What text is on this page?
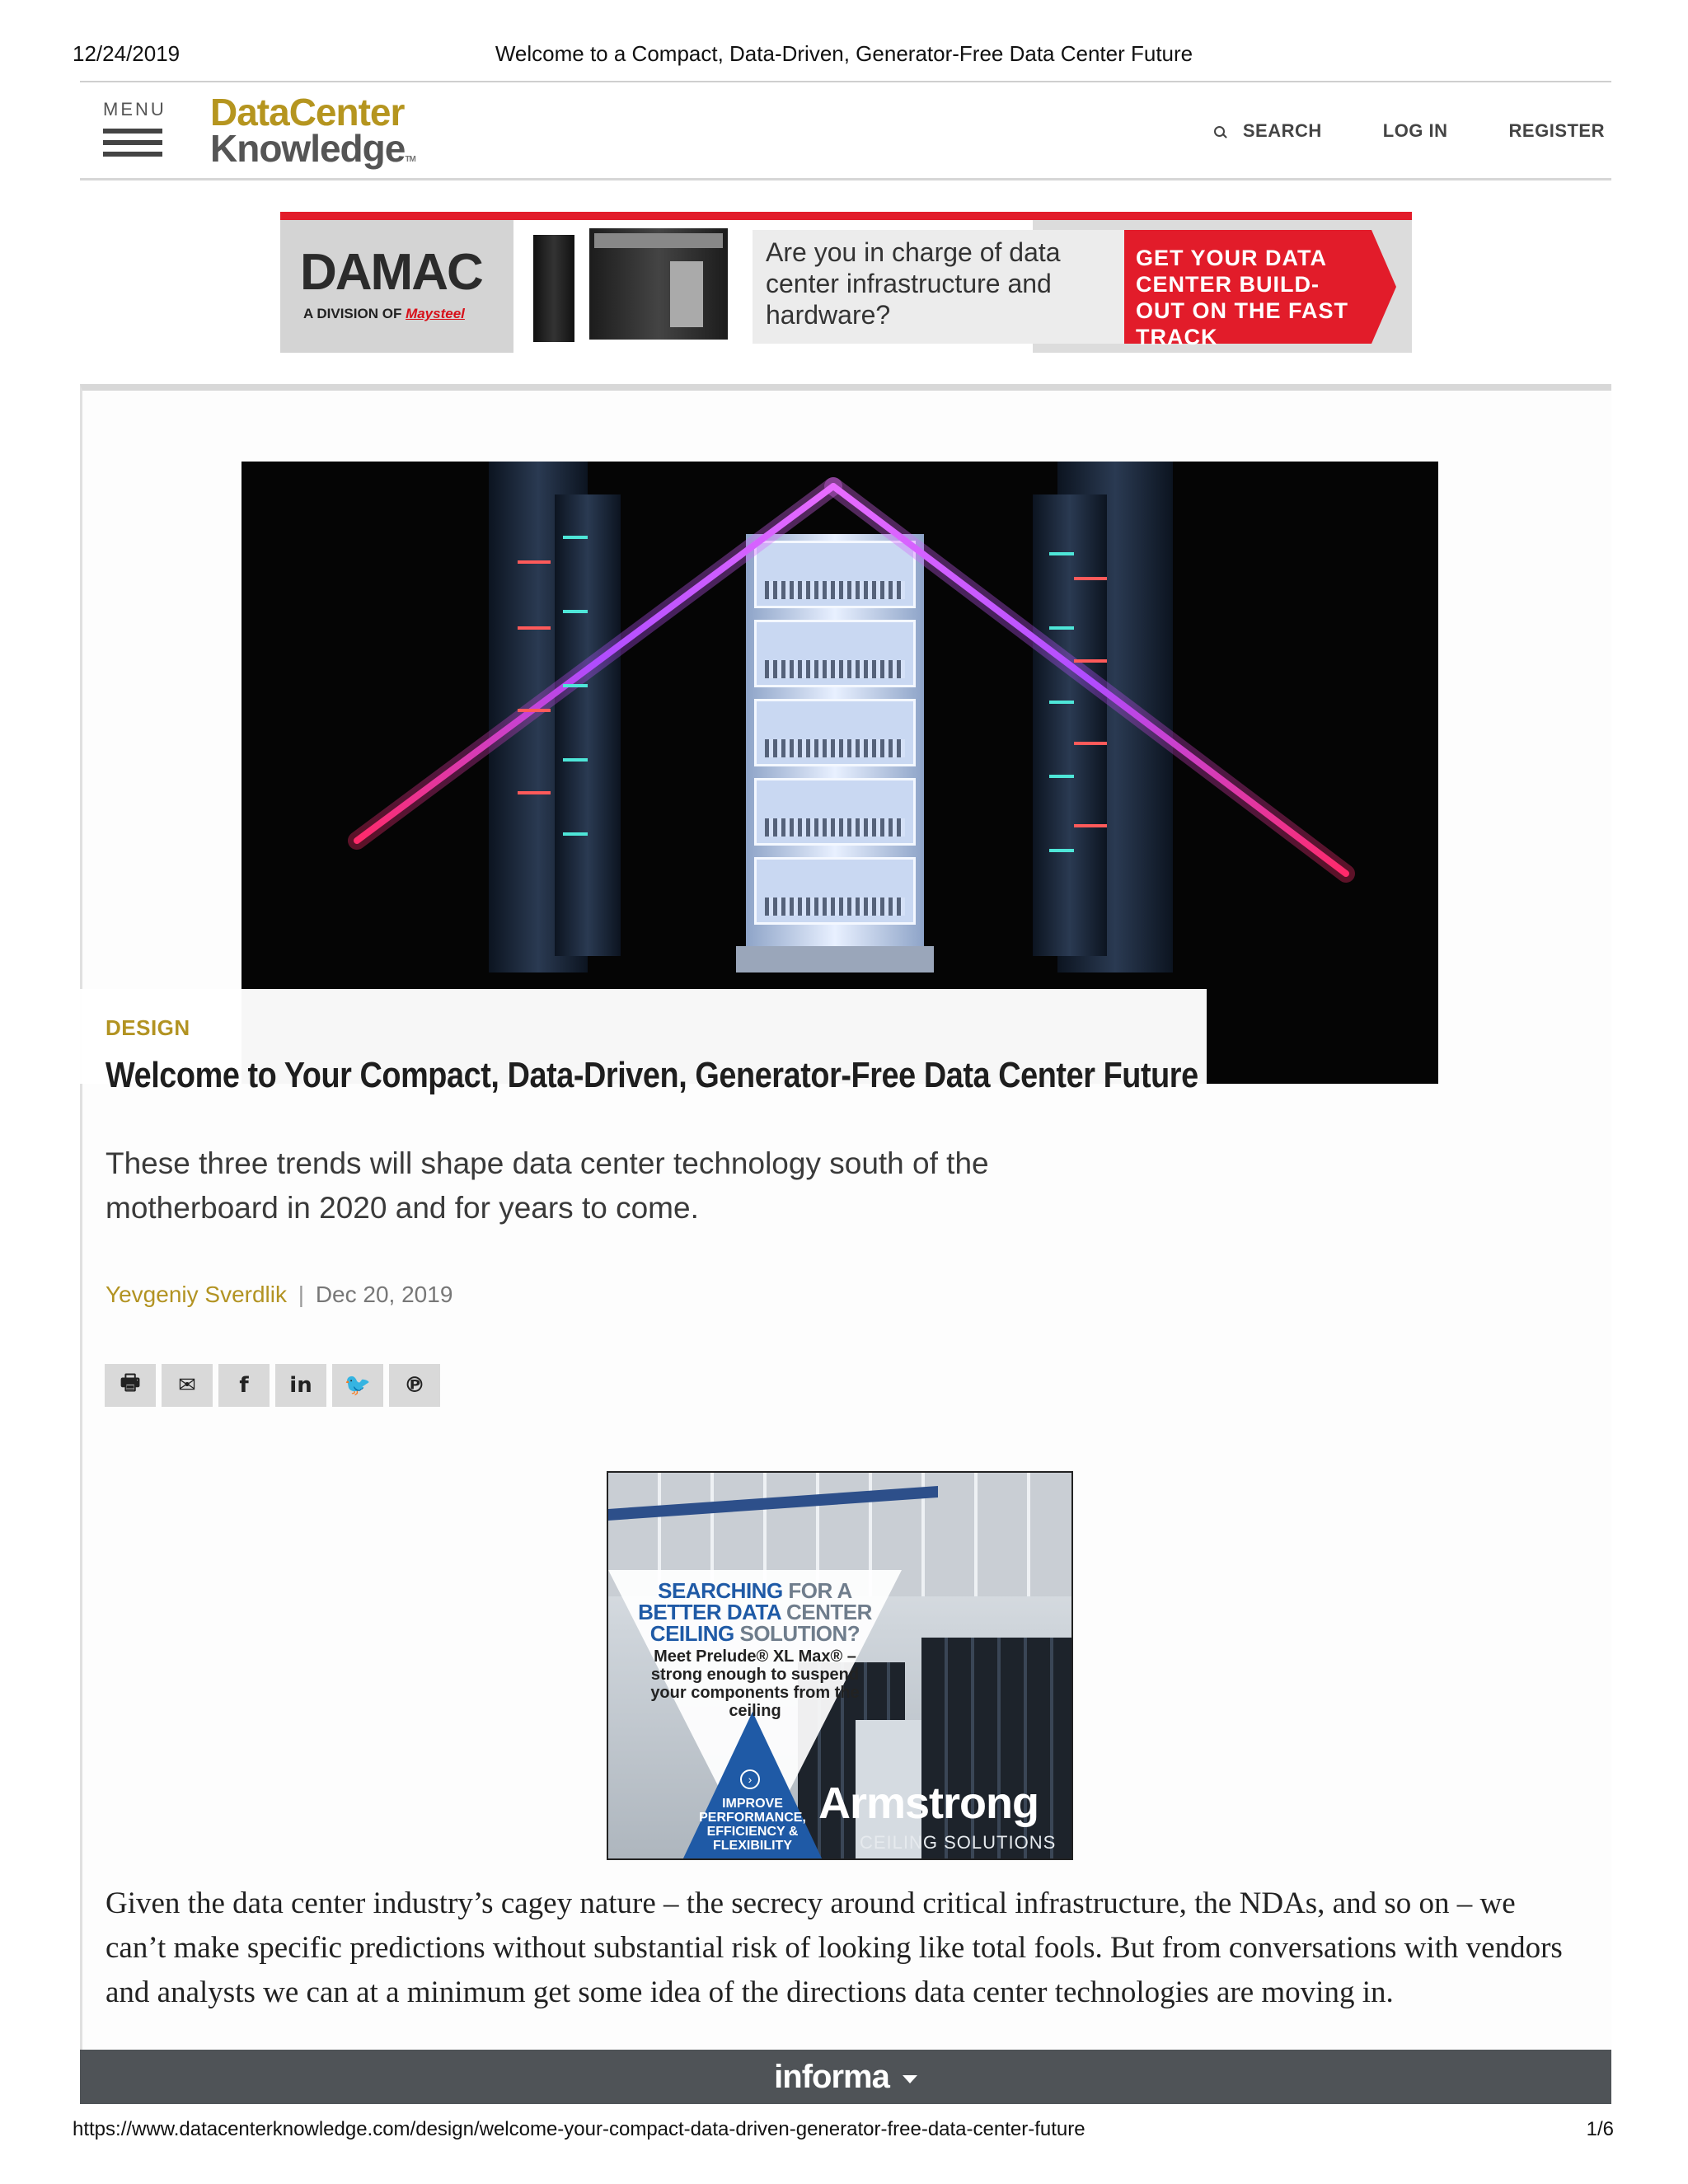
12/24/2019	Welcome to a Compact, Data-Driven, Generator-Free Data Center Future
MENU DataCenter
KnowledgeTM
SEARCH	LOG IN	REGISTER
DAMAC
A DIVISION OF Maysteel
Are you in charge of data center infrastructure and hardware?
GET YOUR DATA CENTER BUILD-OUT ON THE FAST TRACK
DESIGN
Welcome to Your Compact, Data-Driven, Generator-Free Data Center Future

These three trends will shape data center technology south of the motherboard in 2020 and for years to come.

Yevgeniy Sverdlik | Dec 20, 2019
🖶 ✉ f in 🐦 ℗
SEARCHING FOR A
BETTER DATA CENTER
CEILING SOLUTION?
Meet Prelude® XL Max® – strong enough to suspend your components from the ceiling
›
IMPROVE PERFORMANCE, EFFICIENCY & FLEXIBILITY
Armstrong
CEILING SOLUTIONS

Given the data center industry’s cagey nature – the secrecy around critical infrastructure, the NDAs, and so on – we can’t make specific predictions without substantial risk of looking like total fools. But from conversations with vendors and analysts we can at a minimum get some idea of the directions data center technologies are moving in.

informa
https://www.datacenterknowledge.com/design/welcome-your-compact-data-driven-generator-free-data-center-future	1/6
